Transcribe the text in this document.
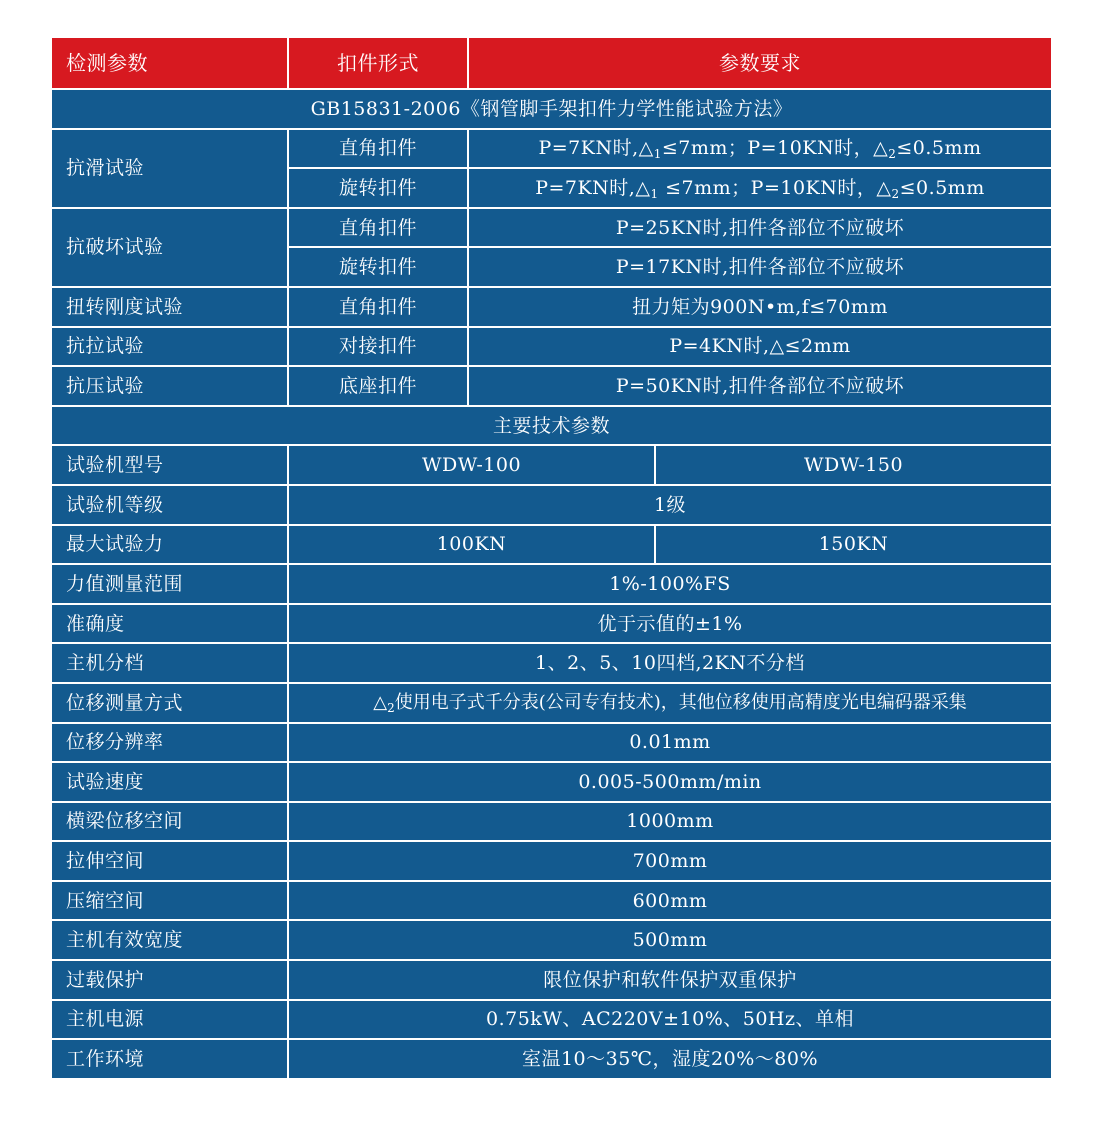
检测参数	扣件形式	参数要求	
GB15831-2006《钢管脚手架扣件力学性能试验方法》			
抗滑试验	直角扣件	P=7KN时$,\triangle_1\le 7mm$；P=10KN时，$\triangle_2\le 0.5mm$	
	旋转扣件	P=7KN时$,\triangle_1 \le 7mm$；P=10KN时，$\triangle_2\le 0.5mm$	
抗破坏试验	直角扣件	P=25KN时,扣件各部位不应破坏	
	旋转扣件	P=17KN时,扣件各部位不应破坏	
扭转刚度试验	直角扣件	扭力矩为900N•m,f≤70mm	
抗拉试验	对接扣件	P=4KN时,△≤2mm	
抗压试验	底座扣件	P=50KN时,扣件各部位不应破坏	
主要技术参数			
试验机型号	WDW-100		WDW-150
试验机等级	1级		
最大试验力	100KN		150KN
力值测量范围	1%-100%FS		
准确度	优于示值的±1%		
主机分档	1、2、5、10四档,2KN不分档		
位移测量方式	$\triangle_2$使用电子式千分表(公司专有技术)，其他位移使用高精度光电编码器采集		
位移分辨率	0.01mm		
试验速度	0.005-500mm/min		
横梁位移空间	1000mm		
拉伸空间	700mm		
压缩空间	600mm		
主机有效宽度	500mm		
过载保护	限位保护和软件保护双重保护		
主机电源	0.75kW、AC220V±10%、50Hz、单相		
工作环境	室温10～35℃，湿度20%～80%		
